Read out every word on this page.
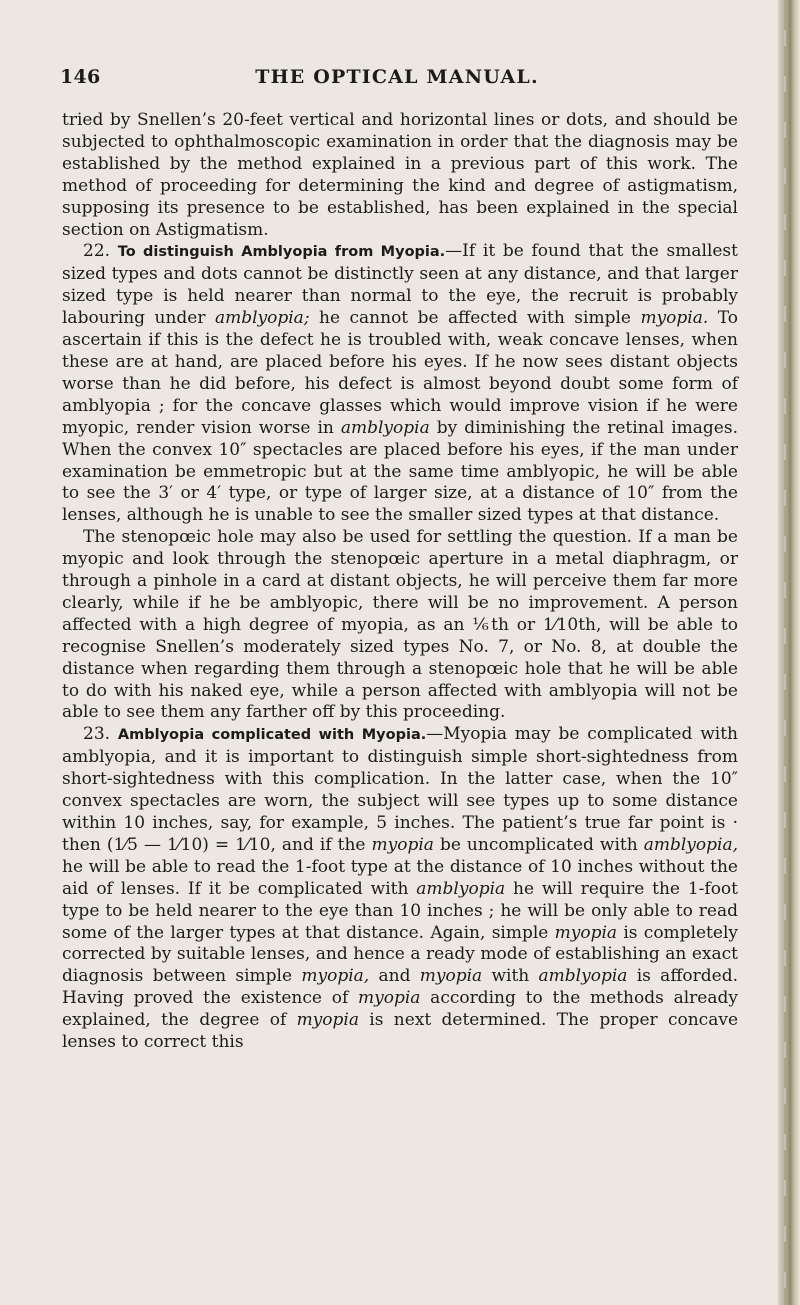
146	THE OPTICAL MANUAL.

tried by Snellen’s 20-feet vertical and horizontal lines or dots, and should be subjected to ophthalmoscopic examination in order that the diagnosis may be established by the method explained in a previous part of this work. The method of proceeding for determining the kind and degree of astigmatism, supposing its presence to be established, has been explained in the special section on Astigmatism.

22. To distinguish Amblyopia from Myopia.—If it be found that the smallest sized types and dots cannot be distinctly seen at any distance, and that larger sized type is held nearer than normal to the eye, the recruit is probably labouring under amblyopia; he cannot be affected with simple myopia. To ascertain if this is the defect he is troubled with, weak concave lenses, when these are at hand, are placed before his eyes. If he now sees distant objects worse than he did before, his defect is almost beyond doubt some form of amblyopia ; for the concave glasses which would improve vision if he were myopic, render vision worse in amblyopia by diminishing the retinal images. When the convex 10″ spectacles are placed before his eyes, if the man under examination be emmetropic but at the same time amblyopic, he will be able to see the 3′ or 4′ type, or type of larger size, at a distance of 10″ from the lenses, although he is unable to see the smaller sized types at that distance.

The stenopœic hole may also be used for settling the question. If a man be myopic and look through the stenopœic aperture in a metal diaphragm, or through a pinhole in a card at distant objects, he will perceive them far more clearly, while if he be amblyopic, there will be no improvement. A person affected with a high degree of myopia, as an ⅙th or 1⁄10th, will be able to recognise Snellen’s moderately sized types No. 7, or No. 8, at double the distance when regarding them through a stenopœic hole that he will be able to do with his naked eye, while a person affected with amblyopia will not be able to see them any farther off by this proceeding.

23. Amblyopia complicated with Myopia.—Myopia may be complicated with amblyopia, and it is important to distinguish simple short-sightedness from short-sightedness with this complication. In the latter case, when the 10″ convex spectacles are worn, the subject will see types up to some distance within 10 inches, say, for example, 5 inches. The patient’s true far point is · then (1⁄5 — 1⁄10) = 1⁄10, and if the myopia be uncomplicated with amblyopia, he will be able to read the 1-foot type at the distance of 10 inches without the aid of lenses. If it be complicated with amblyopia he will require the 1-foot type to be held nearer to the eye than 10 inches ; he will be only able to read some of the larger types at that distance. Again, simple myopia is completely corrected by suitable lenses, and hence a ready mode of establishing an exact diagnosis between simple myopia, and myopia with amblyopia is afforded. Having proved the existence of myopia according to the methods already explained, the degree of myopia is next determined. The proper concave lenses to correct this
